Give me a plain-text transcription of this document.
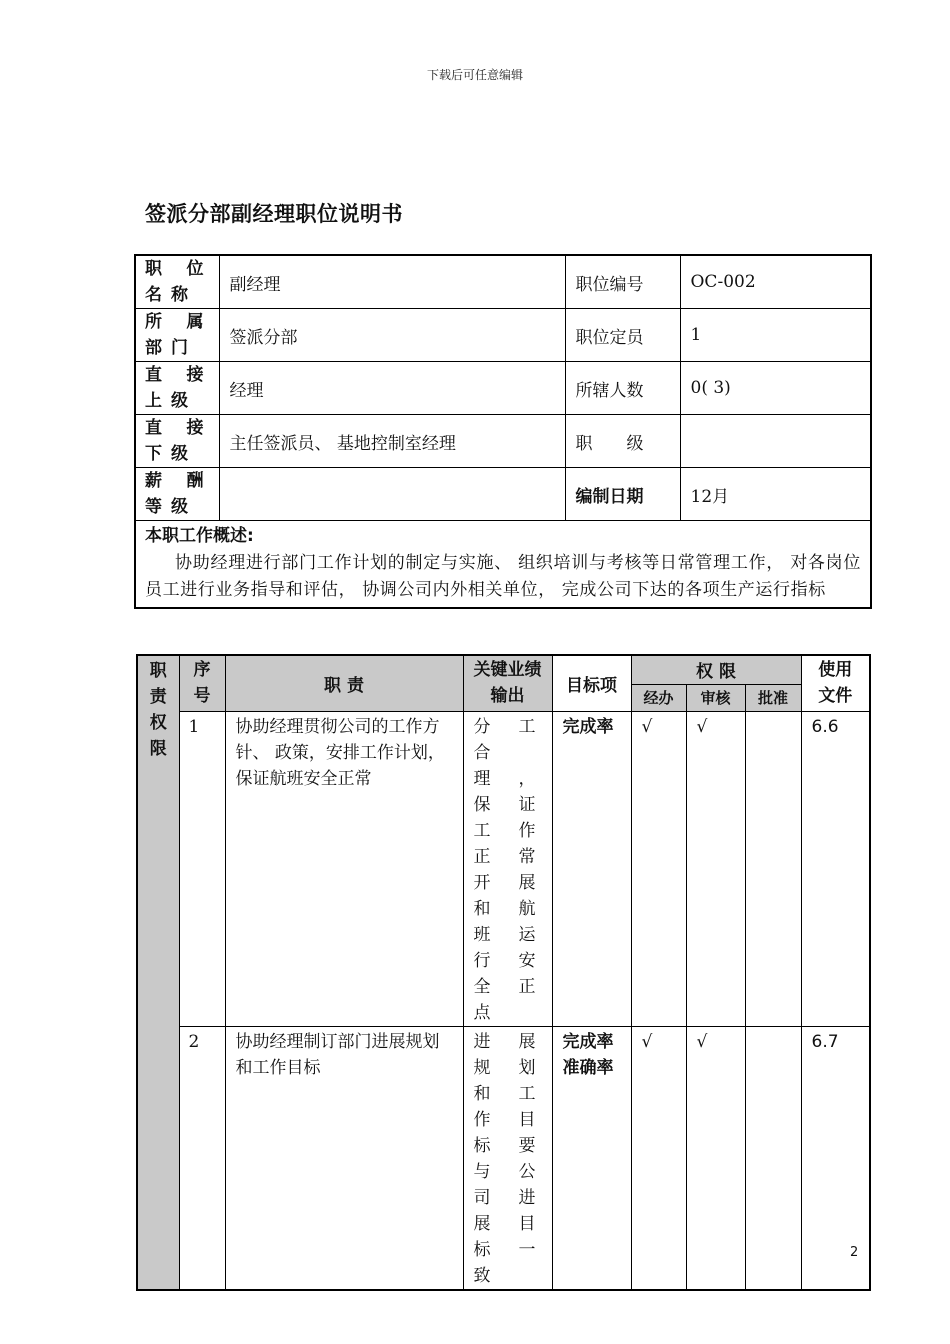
下载后可任意编辑
签派分部副经理职位说明书
职位名称	副经理	职位编号	OC-002
所属部门	签派分部	职位定员	1
直接上级	经理	所辖人数	0( 3)
直接下级	主任签派员、 基地控制室经理	职　　级	
薪酬等级		编制日期	12月

本职工作概述:
协助经理进行部门工作计划的制定与实施、 组织培训与考核等日常管理工作， 对各岗位员工进行业务指导和评估， 协调公司内外相关单位， 完成公司下达的各项生产运行指标			
职责权限	序号	职 责	关键业绩输出	目标项	权 限			使用文件

					经办	审核	批准	
	1	协助经理贯彻公司的工作方针、 政策，安排工作计划，保证航班安全正常	分工合理，保证工作正常开展和航班运行安全正点	完成率	√	√		6.6
	2	协助经理制订部门进展规划和工作目标	进展规划和工作目标要与公司进展目标一致	完成率准确率	√	√		6.7
2
